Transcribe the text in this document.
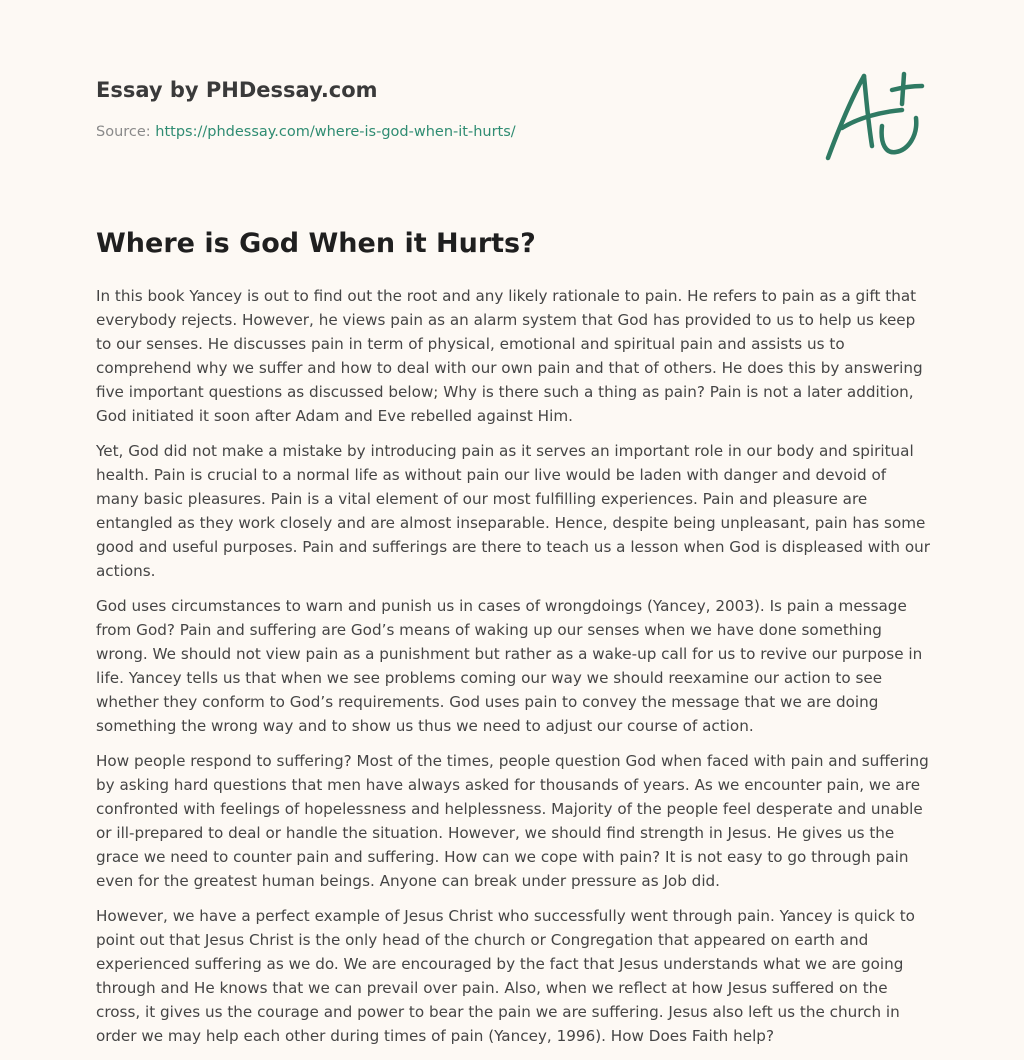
Essay by PHDessay.com
Source: https://phdessay.com/where-is-god-when-it-hurts/
Where is God When it Hurts?

In this book Yancey is out to find out the root and any likely rationale to pain. He refers to pain as a gift that everybody rejects. However, he views pain as an alarm system that God has provided to us to help us keep to our senses. He discusses pain in term of physical, emotional and spiritual pain and assists us to comprehend why we suffer and how to deal with our own pain and that of others. He does this by answering five important questions as discussed below; Why is there such a thing as pain? Pain is not a later addition, God initiated it soon after Adam and Eve rebelled against Him.

Yet, God did not make a mistake by introducing pain as it serves an important role in our body and spiritual health. Pain is crucial to a normal life as without pain our live would be laden with danger and devoid of many basic pleasures. Pain is a vital element of our most fulfilling experiences. Pain and pleasure are entangled as they work closely and are almost inseparable. Hence, despite being unpleasant, pain has some good and useful purposes. Pain and sufferings are there to teach us a lesson when God is displeased with our actions.

God uses circumstances to warn and punish us in cases of wrongdoings (Yancey, 2003). Is pain a message from God? Pain and suffering are God’s means of waking up our senses when we have done something wrong. We should not view pain as a punishment but rather as a wake-up call for us to revive our purpose in life. Yancey tells us that when we see problems coming our way we should reexamine our action to see whether they conform to God’s requirements. God uses pain to convey the message that we are doing something the wrong way and to show us thus we need to adjust our course of action.

How people respond to suffering? Most of the times, people question God when faced with pain and suffering by asking hard questions that men have always asked for thousands of years. As we encounter pain, we are confronted with feelings of hopelessness and helplessness. Majority of the people feel desperate and unable or ill-prepared to deal or handle the situation. However, we should find strength in Jesus. He gives us the grace we need to counter pain and suffering. How can we cope with pain? It is not easy to go through pain even for the greatest human beings. Anyone can break under pressure as Job did.

However, we have a perfect example of Jesus Christ who successfully went through pain. Yancey is quick to point out that Jesus Christ is the only head of the church or Congregation that appeared on earth and experienced suffering as we do. We are encouraged by the fact that Jesus understands what we are going through and He knows that we can prevail over pain. Also, when we reflect at how Jesus suffered on the cross, it gives us the courage and power to bear the pain we are suffering. Jesus also left us the church in order we may help each other during times of pain (Yancey, 1996). How Does Faith help?
